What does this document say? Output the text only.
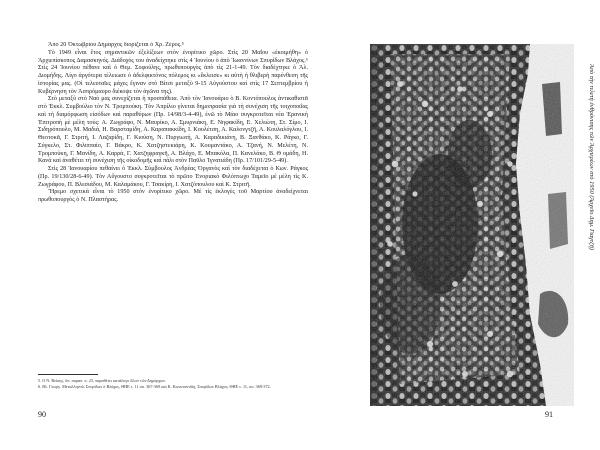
Ἀπὸ 20 Ὀκτωβρίου Δήμαρχος διορίζεται ὁ Χρ. Ζέρος.⁵

Τὸ 1949 εἶναι ἔτος σημαντικῶν ἐξελίξεων στὸν ἐνορίτικο χῶρο. Στὶς 20 Μαΐου «ἐκοιμήθη» ὁ Ἀρχιεπίσκοπος Δαμασκηνός. Διάδοχός του ἀναδείχτηκε στὶς 4 Ἰουνίου ὁ ἀπὸ Ἰωαννίνων Σπυρίδων Βλάχος.⁶ Στὶς 24 Ἰουνίου πέθανε καὶ ὁ Θεμ. Σοφούλης, πρωθυπουργὸς ἀπὸ τὶς 21-1-49. Τὸν διαδέχτηκε ὁ Ἀλ. Διομήδης. Λίγο ἀργότερα τέλειωσε ὁ ἀδελφικτόνος πόλεμος κι «ἔκλεισε» κι αὐτὴ ἡ θλιβερὴ παρένθεση τῆς ἱστορίας μας. (Οἱ τελευταῖες μάχες ἔγιναν στὸ Βίτσι μεταξὺ 9-15 Αὐγούστου καὶ στὶς 17 Σεπτεμβρίου ἡ Κυβέρνηση τὸν Ἀσπρόμαυρο διέκοψε τὸν ἀγῶνα της).

Στὸ μεταξὺ στὸ Ναὸ μας συνεχίζεται ἡ προσπάθεια. Ἀπὸ τὸν Ἰανουάριο ὁ Β. Κοντόπουλος ἀντικαθιστᾶ στὸ Ἐκκλ. Συμβούλιο τὸν Ν. Τρομπούκη. Τὸν Ἀπρίλιο γίνεται δημοπρασία γιὰ τὴ συνέχιση τῆς τοιχοποιΐας καὶ τὴ διαμόρφωση εἰσόδων καὶ παραθύρων (Πρ. 14/98/3-4-49), ἐνῶ τὸ Μάιο συγκροτεῖται νέα Ἐρανικὴ Ἐπιτροπὴ μὲ μέλη τούς: Α. Ζωγράφο, Ν. Μαυρίκο, Α. Σμυρνιάκη, Ε. Νηφακίδη, Ε. Χελιώτη, Στ. Σίμο, Ι. Σιδηρόπουλο, Μ. Μαδιά, Η. Βαρσταμίδη, Α. Καραπακκίδη, Ι. Κουλέτση, Α. Καλονγτζῆ, Α. Κουλαλόγλου, Ι. Θεοτοκᾶ, Γ. Στριτή, Ι. Λαζαρίδη, Γ. Κιούση, Ν. Πυργιωτή, Α. Καραδικιάνη, Β. Ξανθάκο, Κ. Ράγκο, Γ. Σύγκελο, Στ. Φιλιππαίο, Γ. Βάκρο, Κ. Χατζηστεκιάρη, Κ. Κουμαντάκο, Α. Τζανή, Ν. Μελέτη, Ν. Τρομπούκη, Γ. Μανίδη, Α. Καρρά, Γ. Χατζηφραγκῆ, Α. Βλάχο, Ε. Μπακόλα, Π. Κανελάκο, Β. Θ ομάδη, Η. Κανά καὶ ἀναθέτει τὴ συνέχιση τῆς οἰκοδομῆς καὶ πάλι στὸν Παῦλο Ἰγνατιάδη (Πρ. 17/101/29-5-49).

Στὶς 28 Ἰανουαρίου πεθαίνει ὁ Ἐκκλ. Σύμβουλος Ἀνδρέας Ὀργανὸς καὶ τὸν διαδέχεται ὁ Κων. Ράγκος (Πρ. 19/130/28-6-49). Τὸν Αὔγουστο συγκροτεῖται τὸ πρῶτο Ἐνοριακὸ Φιλόπτωχο Ταμεῖο μὲ μέλη τὶς Κ. Ζωγράφου, Π. Βλεσιάδου, Μ. Καλαμάκου, Γ. Τσακίρη, Ι. Χατζόπουλου καὶ Κ. Στριτῆ.

Ἤρεμο σχετικὰ εἶναι τὸ 1950 στὸν ἐνορίτικο χῶρο. Μὲ τὶς ἐκλογὲς τοῦ Μαρτίου ἀναδείχνεται πρωθυπουργὸς ὁ Ν. Πλαστήρας.

5. Ο Ν. Βεϊσης, ὅπ. παραπ. σ. 23, παραθέτει κατάλογο ὅλων τῶν Δημάρχων.

6. Βλ. Γεωργ. Μεταλληνοῦ, Σπυρίδων ὁ Βλάχος, ΘΗΕ τ. 11 σσ. 367-369 καὶ Κ. Κωνσταντίδη, Σπυρίδων Βλάχος, ΘΗΕ τ. 11, σσ. 369-372.

90
Ἀπὸ τὴν τελετὴ ἐνθρόνισης τῶν Ἀρχιερέων στὸ 1950 (Ἀρχεῖο Δημ. Γιαγτζῆ)
91
